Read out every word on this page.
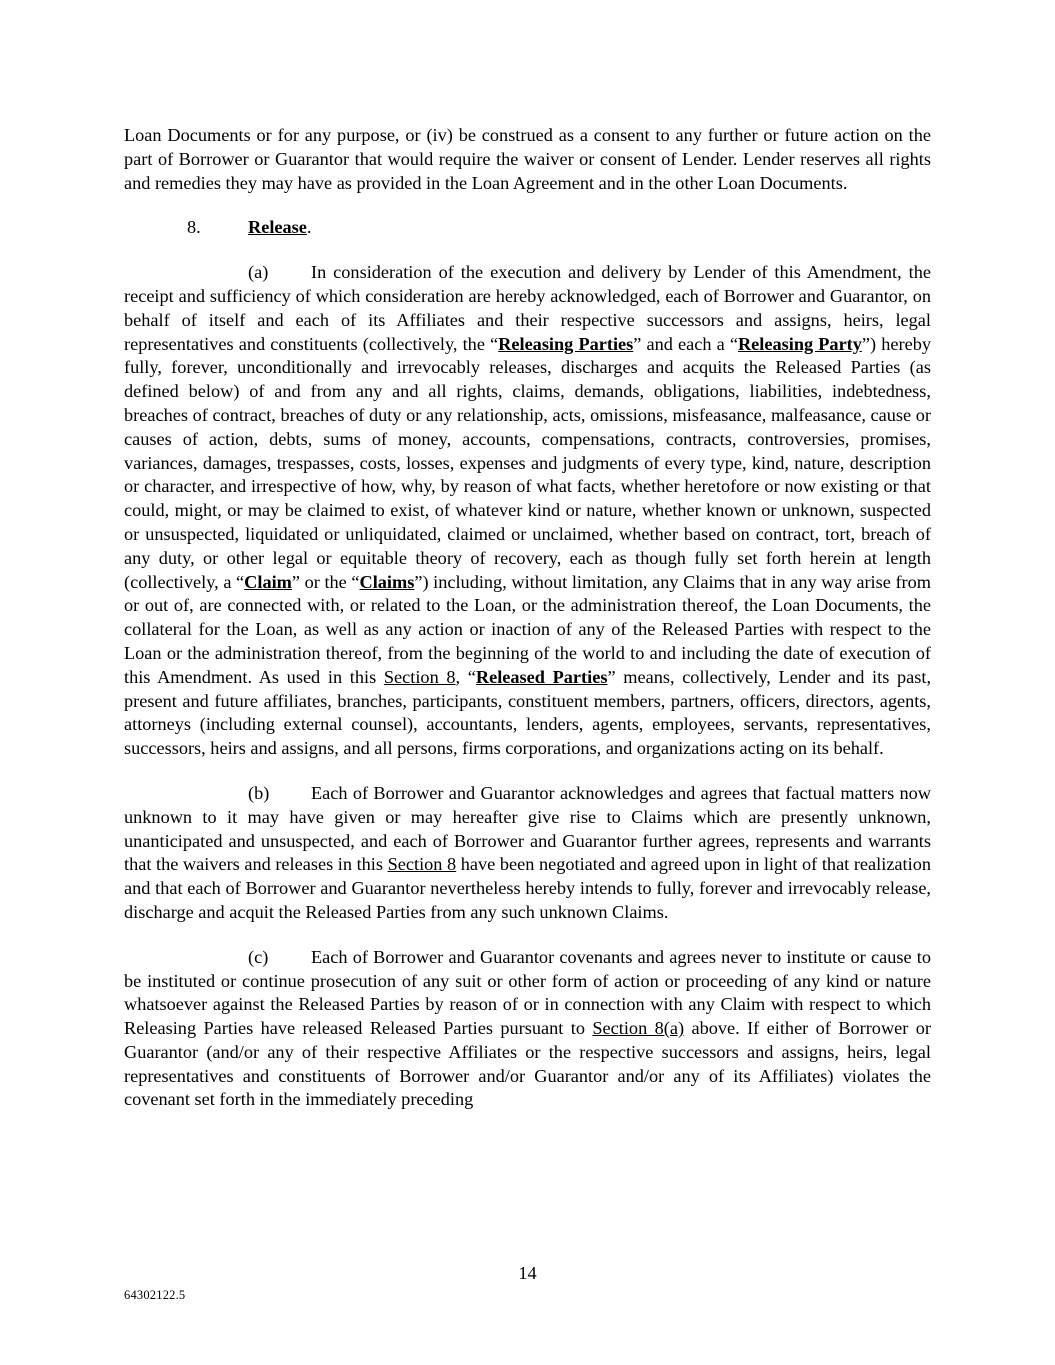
Loan Documents or for any purpose, or (iv) be construed as a consent to any further or future action on the part of Borrower or Guarantor that would require the waiver or consent of Lender. Lender reserves all rights and remedies they may have as provided in the Loan Agreement and in the other Loan Documents.

8.	Release.

(a) In consideration of the execution and delivery by Lender of this Amendment, the receipt and sufficiency of which consideration are hereby acknowledged, each of Borrower and Guarantor, on behalf of itself and each of its Affiliates and their respective successors and assigns, heirs, legal representatives and constituents (collectively, the “Releasing Parties” and each a “Releasing Party”) hereby fully, forever, unconditionally and irrevocably releases, discharges and acquits the Released Parties (as defined below) of and from any and all rights, claims, demands, obligations, liabilities, indebtedness, breaches of contract, breaches of duty or any relationship, acts, omissions, misfeasance, malfeasance, cause or causes of action, debts, sums of money, accounts, compensations, contracts, controversies, promises, variances, damages, trespasses, costs, losses, expenses and judgments of every type, kind, nature, description or character, and irrespective of how, why, by reason of what facts, whether heretofore or now existing or that could, might, or may be claimed to exist, of whatever kind or nature, whether known or unknown, suspected or unsuspected, liquidated or unliquidated, claimed or unclaimed, whether based on contract, tort, breach of any duty, or other legal or equitable theory of recovery, each as though fully set forth herein at length (collectively, a “Claim” or the “Claims”) including, without limitation, any Claims that in any way arise from or out of, are connected with, or related to the Loan, or the administration thereof, the Loan Documents, the collateral for the Loan, as well as any action or inaction of any of the Released Parties with respect to the Loan or the administration thereof, from the beginning of the world to and including the date of execution of this Amendment. As used in this Section 8, “Released Parties” means, collectively, Lender and its past, present and future affiliates, branches, participants, constituent members, partners, officers, directors, agents, attorneys (including external counsel), accountants, lenders, agents, employees, servants, representatives, successors, heirs and assigns, and all persons, firms corporations, and organizations acting on its behalf.

(b) Each of Borrower and Guarantor acknowledges and agrees that factual matters now unknown to it may have given or may hereafter give rise to Claims which are presently unknown, unanticipated and unsuspected, and each of Borrower and Guarantor further agrees, represents and warrants that the waivers and releases in this Section 8 have been negotiated and agreed upon in light of that realization and that each of Borrower and Guarantor nevertheless hereby intends to fully, forever and irrevocably release, discharge and acquit the Released Parties from any such unknown Claims.

(c) Each of Borrower and Guarantor covenants and agrees never to institute or cause to be instituted or continue prosecution of any suit or other form of action or proceeding of any kind or nature whatsoever against the Released Parties by reason of or in connection with any Claim with respect to which Releasing Parties have released Released Parties pursuant to Section 8(a) above. If either of Borrower or Guarantor (and/or any of their respective Affiliates or the respective successors and assigns, heirs, legal representatives and constituents of Borrower and/or Guarantor and/or any of its Affiliates) violates the covenant set forth in the immediately preceding

14
64302122.5
